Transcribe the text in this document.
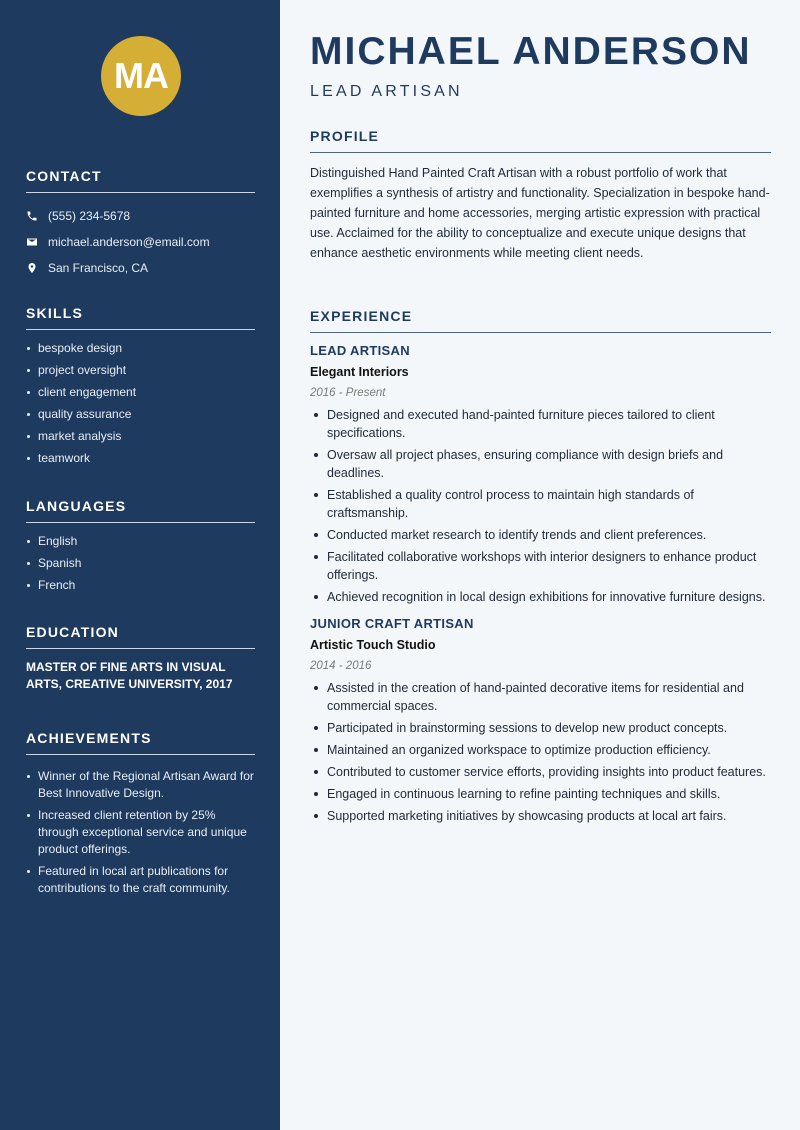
MA
CONTACT
(555) 234-5678
michael.anderson@email.com
San Francisco, CA
SKILLS
bespoke design
project oversight
client engagement
quality assurance
market analysis
teamwork
LANGUAGES
English
Spanish
French
EDUCATION
MASTER OF FINE ARTS IN VISUAL ARTS, CREATIVE UNIVERSITY, 2017
ACHIEVEMENTS
Winner of the Regional Artisan Award for Best Innovative Design.
Increased client retention by 25% through exceptional service and unique product offerings.
Featured in local art publications for contributions to the craft community.
MICHAEL ANDERSON
LEAD ARTISAN
PROFILE
Distinguished Hand Painted Craft Artisan with a robust portfolio of work that exemplifies a synthesis of artistry and functionality. Specialization in bespoke hand-painted furniture and home accessories, merging artistic expression with practical use. Acclaimed for the ability to conceptualize and execute unique designs that enhance aesthetic environments while meeting client needs.
EXPERIENCE
LEAD ARTISAN
Elegant Interiors
2016 - Present
Designed and executed hand-painted furniture pieces tailored to client specifications.
Oversaw all project phases, ensuring compliance with design briefs and deadlines.
Established a quality control process to maintain high standards of craftsmanship.
Conducted market research to identify trends and client preferences.
Facilitated collaborative workshops with interior designers to enhance product offerings.
Achieved recognition in local design exhibitions for innovative furniture designs.
JUNIOR CRAFT ARTISAN
Artistic Touch Studio
2014 - 2016
Assisted in the creation of hand-painted decorative items for residential and commercial spaces.
Participated in brainstorming sessions to develop new product concepts.
Maintained an organized workspace to optimize production efficiency.
Contributed to customer service efforts, providing insights into product features.
Engaged in continuous learning to refine painting techniques and skills.
Supported marketing initiatives by showcasing products at local art fairs.
